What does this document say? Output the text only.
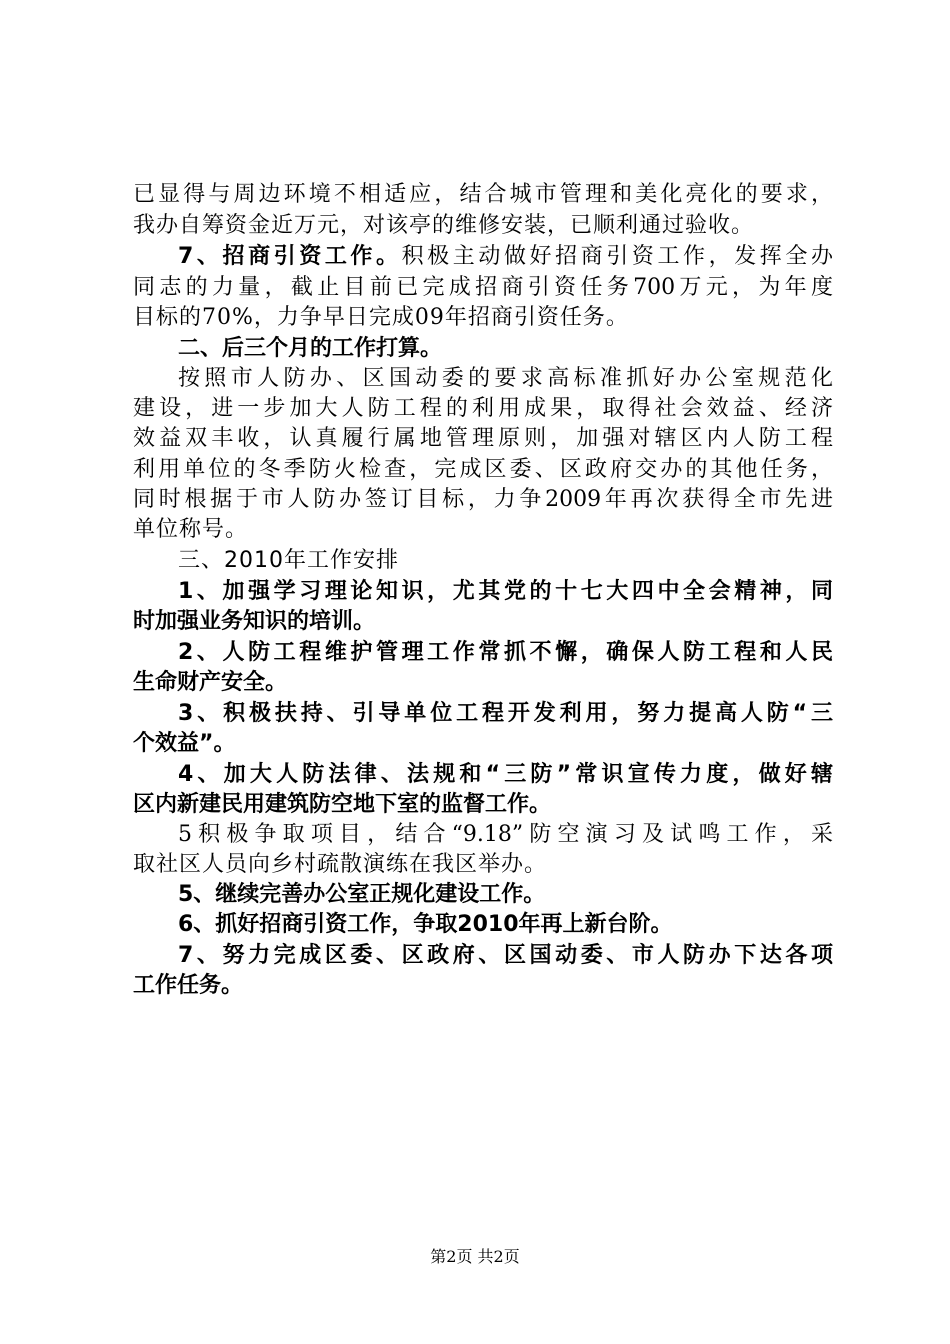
已显得与周边环境不相适应，结合城市管理和美化亮化的要求，
我办自筹资金近万元，对该亭的维修安装，已顺利通过验收。
7、招商引资工作。积极主动做好招商引资工作，发挥全办
同志的力量，截止目前已完成招商引资任务700万元，为年度
目标的70%，力争早日完成09年招商引资任务。
二、后三个月的工作打算。
按照市人防办、区国动委的要求高标准抓好办公室规范化
建设，进一步加大人防工程的利用成果，取得社会效益、经济
效益双丰收，认真履行属地管理原则，加强对辖区内人防工程
利用单位的冬季防火检查，完成区委、区政府交办的其他任务，
同时根据于市人防办签订目标，力争2009年再次获得全市先进
单位称号。
三、2010年工作安排
1、加强学习理论知识，尤其党的十七大四中全会精神，同
时加强业务知识的培训。
2、人防工程维护管理工作常抓不懈，确保人防工程和人民
生命财产安全。
3、积极扶持、引导单位工程开发利用，努力提高人防“三
个效益”。
4、加大人防法律、法规和“三防”常识宣传力度，做好辖
区内新建民用建筑防空地下室的监督工作。
5积极争取项目，结合“9.18”防空演习及试鸣工作，采
取社区人员向乡村疏散演练在我区举办。
5、继续完善办公室正规化建设工作。
6、抓好招商引资工作，争取2010年再上新台阶。
7、努力完成区委、区政府、区国动委、市人防办下达各项
工作任务。
第2页 共2页
